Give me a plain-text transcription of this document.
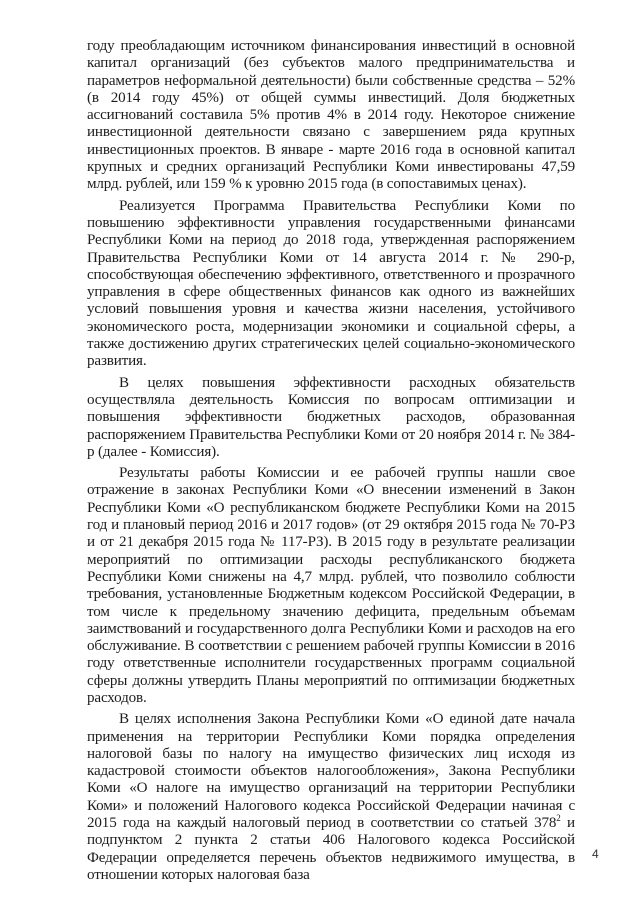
году преобладающим источником финансирования инвестиций в основной капитал организаций (без субъектов малого предпринимательства и параметров неформальной деятельности) были собственные средства – 52% (в 2014 году 45%) от общей суммы инвестиций. Доля бюджетных ассигнований составила 5% против 4% в 2014 году. Некоторое снижение инвестиционной деятельности связано с завершением ряда крупных инвестиционных проектов. В январе - марте 2016 года в основной капитал крупных и средних организаций Республики Коми инвестированы 47,59 млрд. рублей, или 159 % к уровню 2015 года (в сопоставимых ценах).

Реализуется Программа Правительства Республики Коми по повышению эффективности управления государственными финансами Республики Коми на период до 2018 года, утвержденная распоряжением Правительства Республики Коми от 14 августа 2014 г. № 290-р, способствующая обеспечению эффективного, ответственного и прозрачного управления в сфере общественных финансов как одного из важнейших условий повышения уровня и качества жизни населения, устойчивого экономического роста, модернизации экономики и социальной сферы, а также достижению других стратегических целей социально-экономического развития.

В целях повышения эффективности расходных обязательств осуществляла деятельность Комиссия по вопросам оптимизации и повышения эффективности бюджетных расходов, образованная распоряжением Правительства Республики Коми от 20 ноября 2014 г. № 384-р (далее - Комиссия).

Результаты работы Комиссии и ее рабочей группы нашли свое отражение в законах Республики Коми «О внесении изменений в Закон Республики Коми «О республиканском бюджете Республики Коми на 2015 год и плановый период 2016 и 2017 годов» (от 29 октября 2015 года № 70-РЗ и от 21 декабря 2015 года № 117-РЗ). В 2015 году в результате реализации мероприятий по оптимизации расходы республиканского бюджета Республики Коми снижены на 4,7 млрд. рублей, что позволило соблюсти требования, установленные Бюджетным кодексом Российской Федерации, в том числе к предельному значению дефицита, предельным объемам заимствований и государственного долга Республики Коми и расходов на его обслуживание. В соответствии с решением рабочей группы Комиссии в 2016 году ответственные исполнители государственных программ социальной сферы должны утвердить Планы мероприятий по оптимизации бюджетных расходов.

В целях исполнения Закона Республики Коми «О единой дате начала применения на территории Республики Коми порядка определения налоговой базы по налогу на имущество физических лиц исходя из кадастровой стоимости объектов налогообложения», Закона Республики Коми «О налоге на имущество организаций на территории Республики Коми» и положений Налогового кодекса Российской Федерации начиная с 2015 года на каждый налоговый период в соответствии со статьей $378^2$ и подпунктом 2 пункта 2 статьи 406 Налогового кодекса Российской Федерации определяется перечень объектов недвижимого имущества, в отношении которых налоговая база

4
